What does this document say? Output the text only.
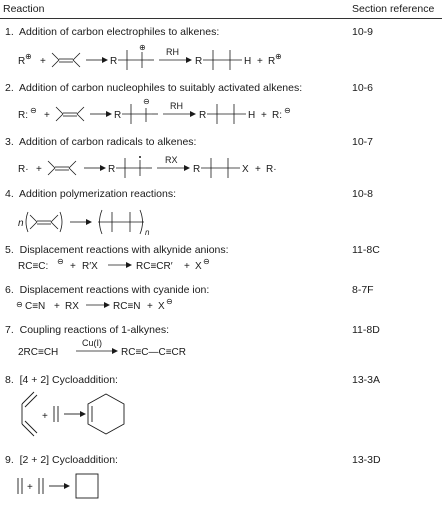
Reaction	Section reference
1. Addition of carbon electrophiles to alkenes:	10-9
R ⊕ +	R
⊕ RH
R	H + R ⊕
2. Addition of carbon nucleophiles to suitably activated alkenes:	10-6
R: ⊖ +	R
⊖ RH
R	H + R: ⊖
3. Addition of carbon radicals to alkenes:	10-7
R· +	R
RX
R	X + R·
4. Addition polymerization reactions:	10-8
n
n
5. Displacement reactions with alkynide anions:	11-8C
RC≡C: ⊖ + R′X	RC≡CR′ + X ⊖
6. Displacement reactions with cyanide ion:	8-7F
⊖ C≡N + RX	RC≡N + X ⊖
7. Coupling reactions of 1-alkynes:	11-8D
2RC≡CH
Cu(I)
RC≡C—C≡CR
8. [4 + 2] Cycloaddition:	13-3A
+
9. [2 + 2] Cycloaddition:	13-3D
+
